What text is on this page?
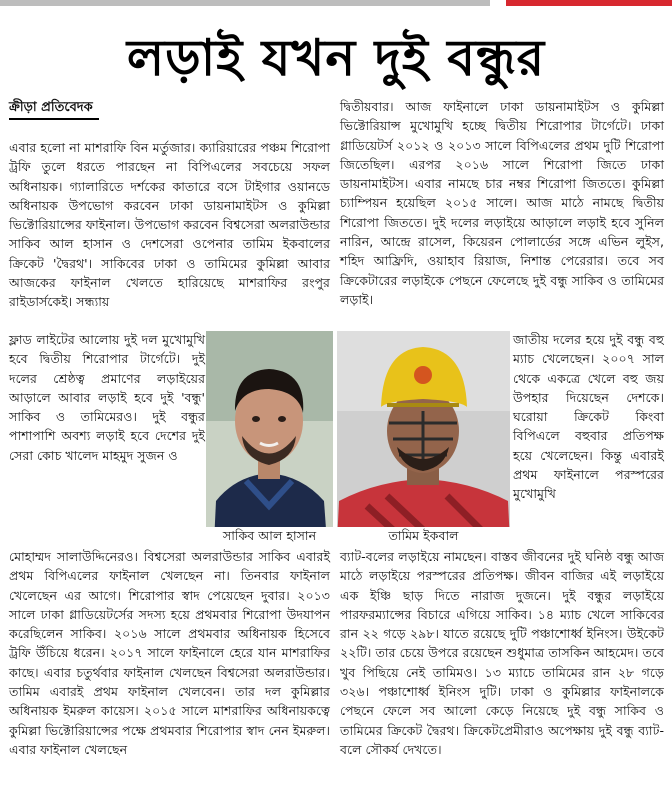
লড়াই যখন দুই বন্ধুর
ক্রীড়া প্রতিবেদক

এবার হলো না মাশরাফি বিন মর্তুজার। ক্যারিয়ারের পঞ্চম শিরোপা ট্রফি তুলে ধরতে পারছেন না বিপিএলের সবচেয়ে সফল অধিনায়ক। গ্যালারিতে দর্শকের কাতারে বসে টাইগার ওয়ানডে অধিনায়ক উপভোগ করবেন ঢাকা ডায়নামাইটস ও কুমিল্লা ভিক্টোরিয়ান্সের ফাইনাল। উপভোগ করবেন বিশ্বসেরা অলরাউন্ডার সাকিব আল হাসান ও দেশসেরা ওপেনার তামিম ইকবালের ক্রিকেট 'দ্বৈরথ'। সাকিবের ঢাকা ও তামিমের কুমিল্লা আবার আজকের ফাইনাল খেলতে হারিয়েছে মাশরাফির রংপুর রাইডার্সকেই। সন্ধ্যায়

ফ্লাড লাইটের আলোয় দুই দল মুখোমুখি হবে দ্বিতীয় শিরোপার টার্গেটে। দুই দলের শ্রেষ্ঠত্ব প্রমাণের লড়াইয়ের আড়ালে আবার লড়াই হবে দুই 'বন্ধু' সাকিব ও তামিমেরও। দুই বন্ধুর পাশাপাশি অবশ্য লড়াই হবে দেশের দুই সেরা কোচ খালেদ মাহমুদ সুজন ও
সাকিব আল হাসান	তামিম ইকবাল

দ্বিতীয়বার। আজ ফাইনালে ঢাকা ডায়নামাইটস ও কুমিল্লা ভিক্টোরিয়ান্স মুখোমুখি হচ্ছে দ্বিতীয় শিরোপার টার্গেটে। ঢাকা গ্লাডিয়েটর্স ২০১২ ও ২০১৩ সালে বিপিএলের প্রথম দুটি শিরোপা জিতেছিল। এরপর ২০১৬ সালে শিরোপা জিতে ঢাকা ডায়নামাইটস। এবার নামছে চার নম্বর শিরোপা জিততে। কুমিল্লা চ্যাম্পিয়ন হয়েছিল ২০১৫ সালে। আজ মাঠে নামছে দ্বিতীয় শিরোপা জিততে। দুই দলের লড়াইয়ে আড়ালে লড়াই হবে সুনিল নারিন, আন্দ্রে রাসেল, কিয়েরন পোলার্ডের সঙ্গে এভিন লুইস, শহিদ আফ্রিদি, ওয়াহাব রিয়াজ, নিশান্ত পেরেরার। তবে সব ক্রিকেটারের লড়াইকে পেছনে ফেলেছে দুই বন্ধু সাকিব ও তামিমের লড়াই।

জাতীয় দলের হয়ে দুই বন্ধু বহু ম্যাচ খেলেছেন। ২০০৭ সাল থেকে একত্রে খেলে বহু জয় উপহার দিয়েছেন দেশকে। ঘরোয়া ক্রিকেট কিংবা বিপিএলে বহুবার প্রতিপক্ষ হয়ে খেলেছেন। কিন্তু এবারই প্রথম ফাইনালে পরস্পরের মুখোমুখি
মোহাম্মদ সালাউদ্দিনেরও। বিশ্বসেরা অলরাউন্ডার সাকিব এবারই প্রথম বিপিএলের ফাইনাল খেলছেন না। তিনবার ফাইনাল খেলেছেন এর আগে। শিরোপার স্বাদ পেয়েছেন দুবার। ২০১৩ সালে ঢাকা গ্লাডিয়েটর্সের সদস্য হয়ে প্রথমবার শিরোপা উদযাপন করেছিলেন সাকিব। ২০১৬ সালে প্রথমবার অধিনায়ক হিসেবে ট্রফি উঁচিয়ে ধরেন। ২০১৭ সালে ফাইনালে হেরে যান মাশরাফির কাছে। এবার চতুর্থবার ফাইনাল খেলছেন বিশ্বসেরা অলরাউন্ডার। তামিম এবারই প্রথম ফাইনাল খেলবেন। তার দল কুমিল্লার অধিনায়ক ইমরুল কায়েস। ২০১৫ সালে মাশরাফির অধিনায়কত্বে কুমিল্লা ভিক্টোরিয়ান্সের পক্ষে প্রথমবার শিরোপার স্বাদ নেন ইমরুল। এবার ফাইনাল খেলছেন
ব্যাট-বলের লড়াইয়ে নামছেন। বাস্তব জীবনের দুই ঘনিষ্ঠ বন্ধু আজ মাঠে লড়াইয়ে পরস্পরের প্রতিপক্ষ। জীবন বাজির এই লড়াইয়ে এক ইঞ্চি ছাড় দিতে নারাজ দুজনে। দুই বন্ধুর লড়াইয়ে পারফরম্যান্সের বিচারে এগিয়ে সাকিব। ১৪ ম্যাচ খেলে সাকিবের রান ২২ গড়ে ২৯৮। যাতে রয়েছে দুটি পঞ্চাশোর্ধ্ব ইনিংস। উইকেট ২২টি। তার চেয়ে উপরে রয়েছেন শুধুমাত্র তাসকিন আহমেদ। তবে খুব পিছিয়ে নেই তামিমও। ১৩ ম্যাচে তামিমের রান ২৮ গড়ে ৩২৬। পঞ্চাশোর্ধ্ব ইনিংস দুটি। ঢাকা ও কুমিল্লার ফাইনালকে পেছনে ফেলে সব আলো কেড়ে নিয়েছে দুই বন্ধু সাকিব ও তামিমের ক্রিকেট দ্বৈরথ। ক্রিকেটপ্রেমীরাও অপেক্ষায় দুই বন্ধু ব্যাট-বলে সৌকর্য দেখতে।
